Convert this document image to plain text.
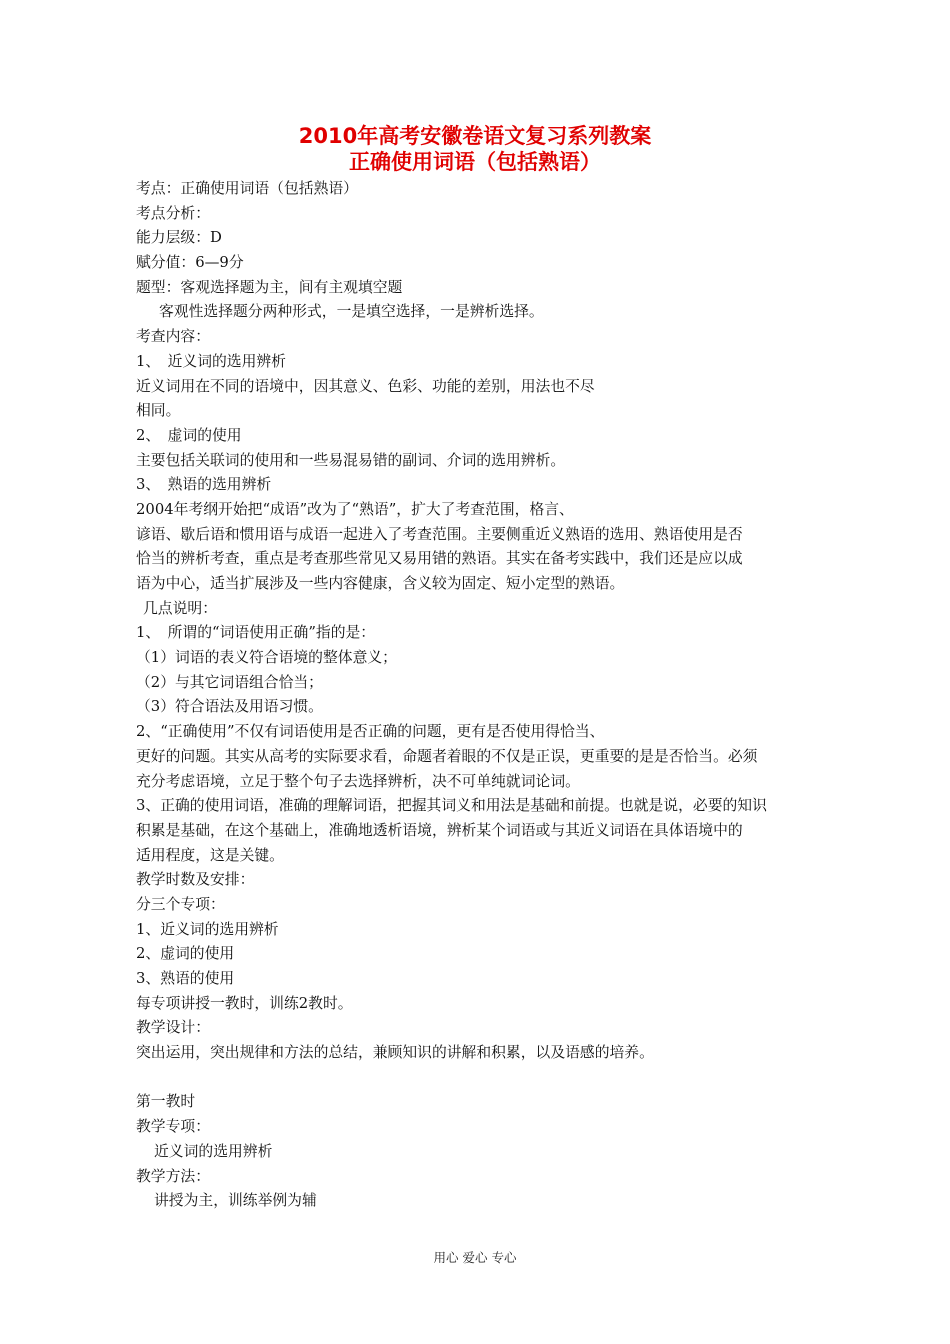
2010年高考安徽卷语文复习系列教案
正确使用词语（包括熟语）
考点：正确使用词语（包括熟语）
考点分析：
能力层级：D
赋分值：6—9分
题型：客观选择题为主，间有主观填空题
客观性选择题分两种形式，一是填空选择，一是辨析选择。
考查内容：
1、　近义词的选用辨析
近义词用在不同的语境中，因其意义、色彩、功能的差别，用法也不尽
相同。
2、　虚词的使用
主要包括关联词的使用和一些易混易错的副词、介词的选用辨析。
3、　熟语的选用辨析
2004年考纲开始把“成语”改为了“熟语”，扩大了考查范围，格言、
谚语、歇后语和惯用语与成语一起进入了考查范围。主要侧重近义熟语的选用、熟语使用是否
恰当的辨析考查，重点是考查那些常见又易用错的熟语。其实在备考实践中，我们还是应以成
语为中心，适当扩展涉及一些内容健康，含义较为固定、短小定型的熟语。
几点说明：
1、　所谓的“词语使用正确”指的是：
（1）词语的表义符合语境的整体意义；
（2）与其它词语组合恰当；
（3）符合语法及用语习惯。
2、“正确使用”不仅有词语使用是否正确的问题，更有是否使用得恰当、
更好的问题。其实从高考的实际要求看，命题者着眼的不仅是正误，更重要的是是否恰当。必须
充分考虑语境，立足于整个句子去选择辨析，决不可单纯就词论词。
3、正确的使用词语，准确的理解词语，把握其词义和用法是基础和前提。也就是说，必要的知识
积累是基础，在这个基础上，准确地透析语境，辨析某个词语或与其近义词语在具体语境中的
适用程度，这是关键。
教学时数及安排：
分三个专项：
1、近义词的选用辨析
2、虚词的使用
3、熟语的使用
每专项讲授一教时，训练2教时。
教学设计：
突出运用，突出规律和方法的总结，兼顾知识的讲解和积累，以及语感的培养。
第一教时
教学专项：
近义词的选用辨析
教学方法：
讲授为主，训练举例为辅
用心 爱心 专心
